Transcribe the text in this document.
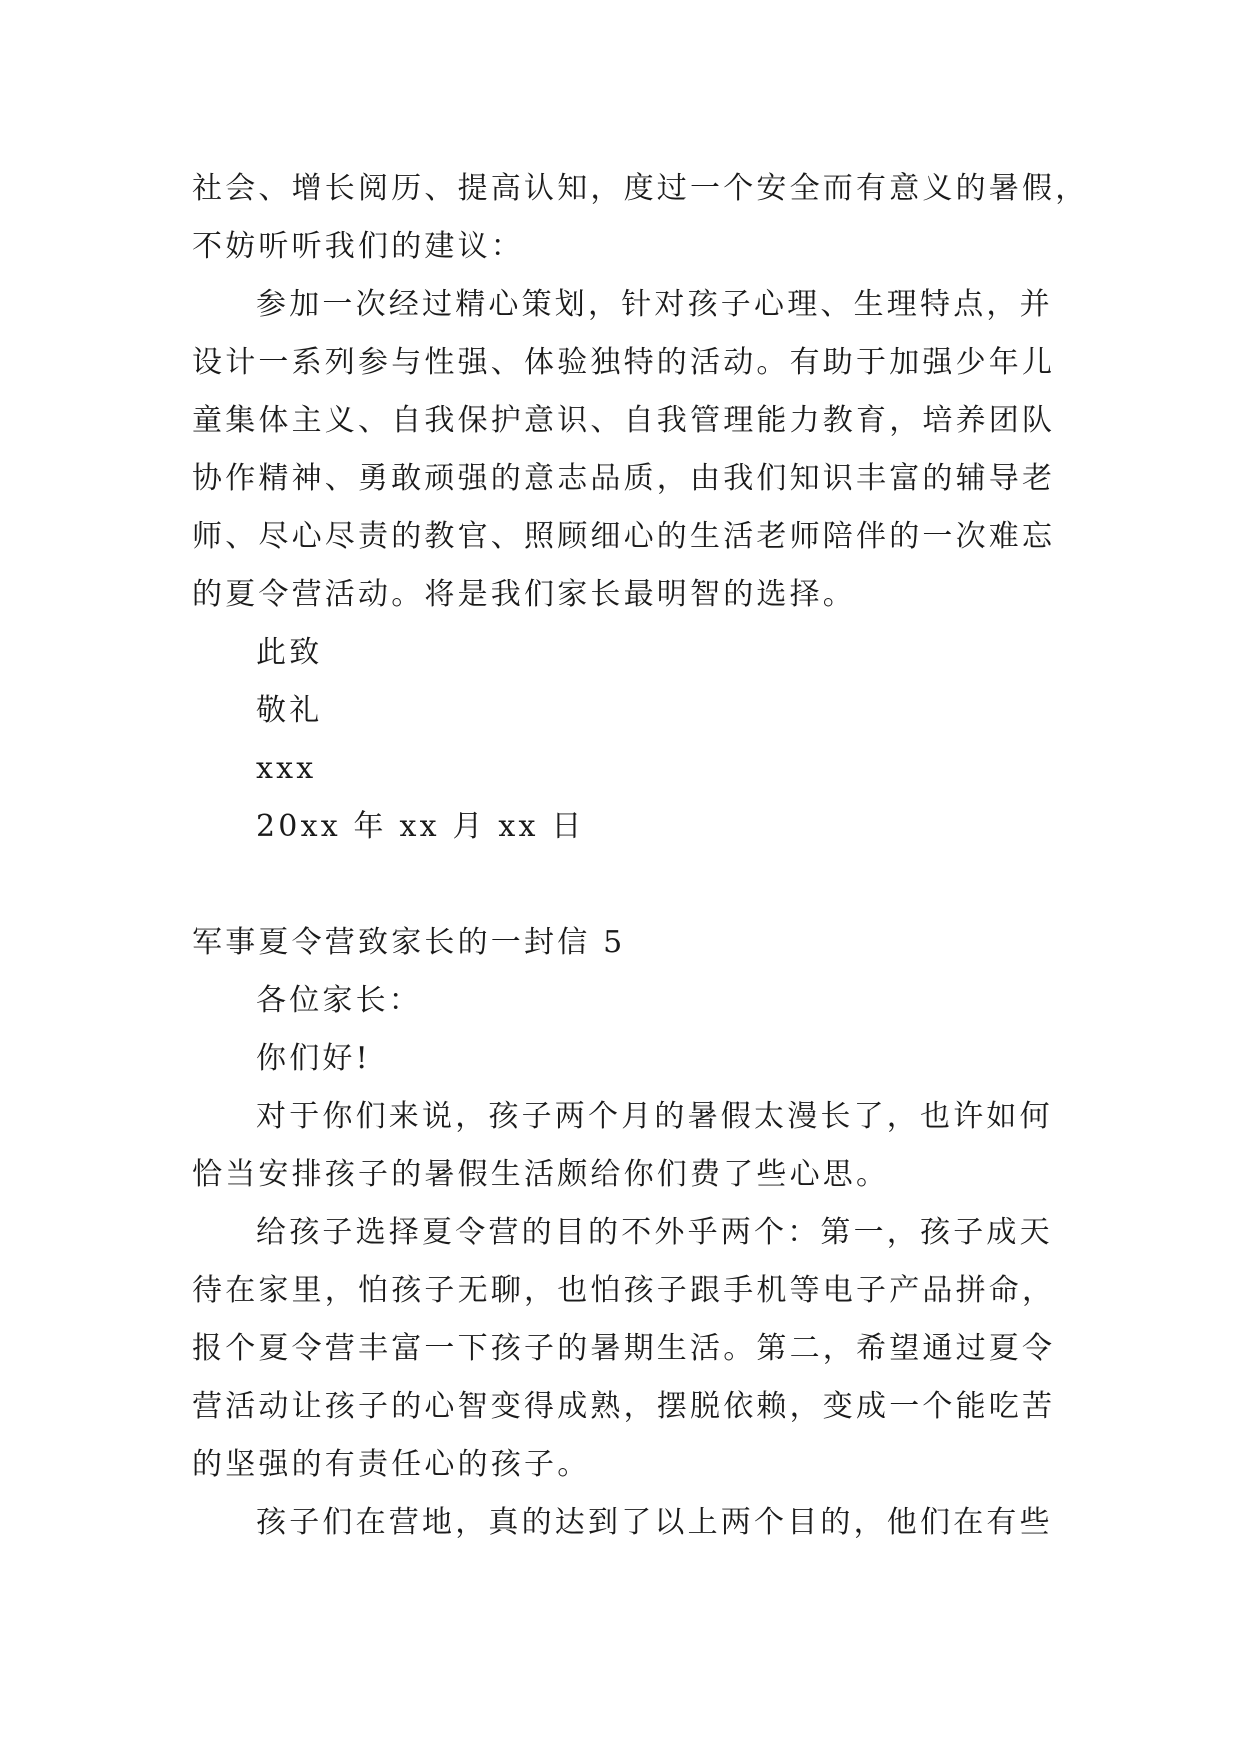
社会、增长阅历、提高认知，度过一个安全而有意义的暑假，
不妨听听我们的建议：
参加一次经过精心策划，针对孩子心理、生理特点，并
设计一系列参与性强、体验独特的活动。有助于加强少年儿
童集体主义、自我保护意识、自我管理能力教育，培养团队
协作精神、勇敢顽强的意志品质，由我们知识丰富的辅导老
师、尽心尽责的教官、照顾细心的生活老师陪伴的一次难忘
的夏令营活动。将是我们家长最明智的选择。
此致
敬礼
xxx
20xx 年 xx 月 xx 日
军事夏令营致家长的一封信 5
各位家长：
你们好!
对于你们来说，孩子两个月的暑假太漫长了，也许如何
恰当安排孩子的暑假生活颇给你们费了些心思。
给孩子选择夏令营的目的不外乎两个：第一，孩子成天
待在家里，怕孩子无聊，也怕孩子跟手机等电子产品拼命，
报个夏令营丰富一下孩子的暑期生活。第二，希望通过夏令
营活动让孩子的心智变得成熟，摆脱依赖，变成一个能吃苦
的坚强的有责任心的孩子。
孩子们在营地，真的达到了以上两个目的，他们在有些
